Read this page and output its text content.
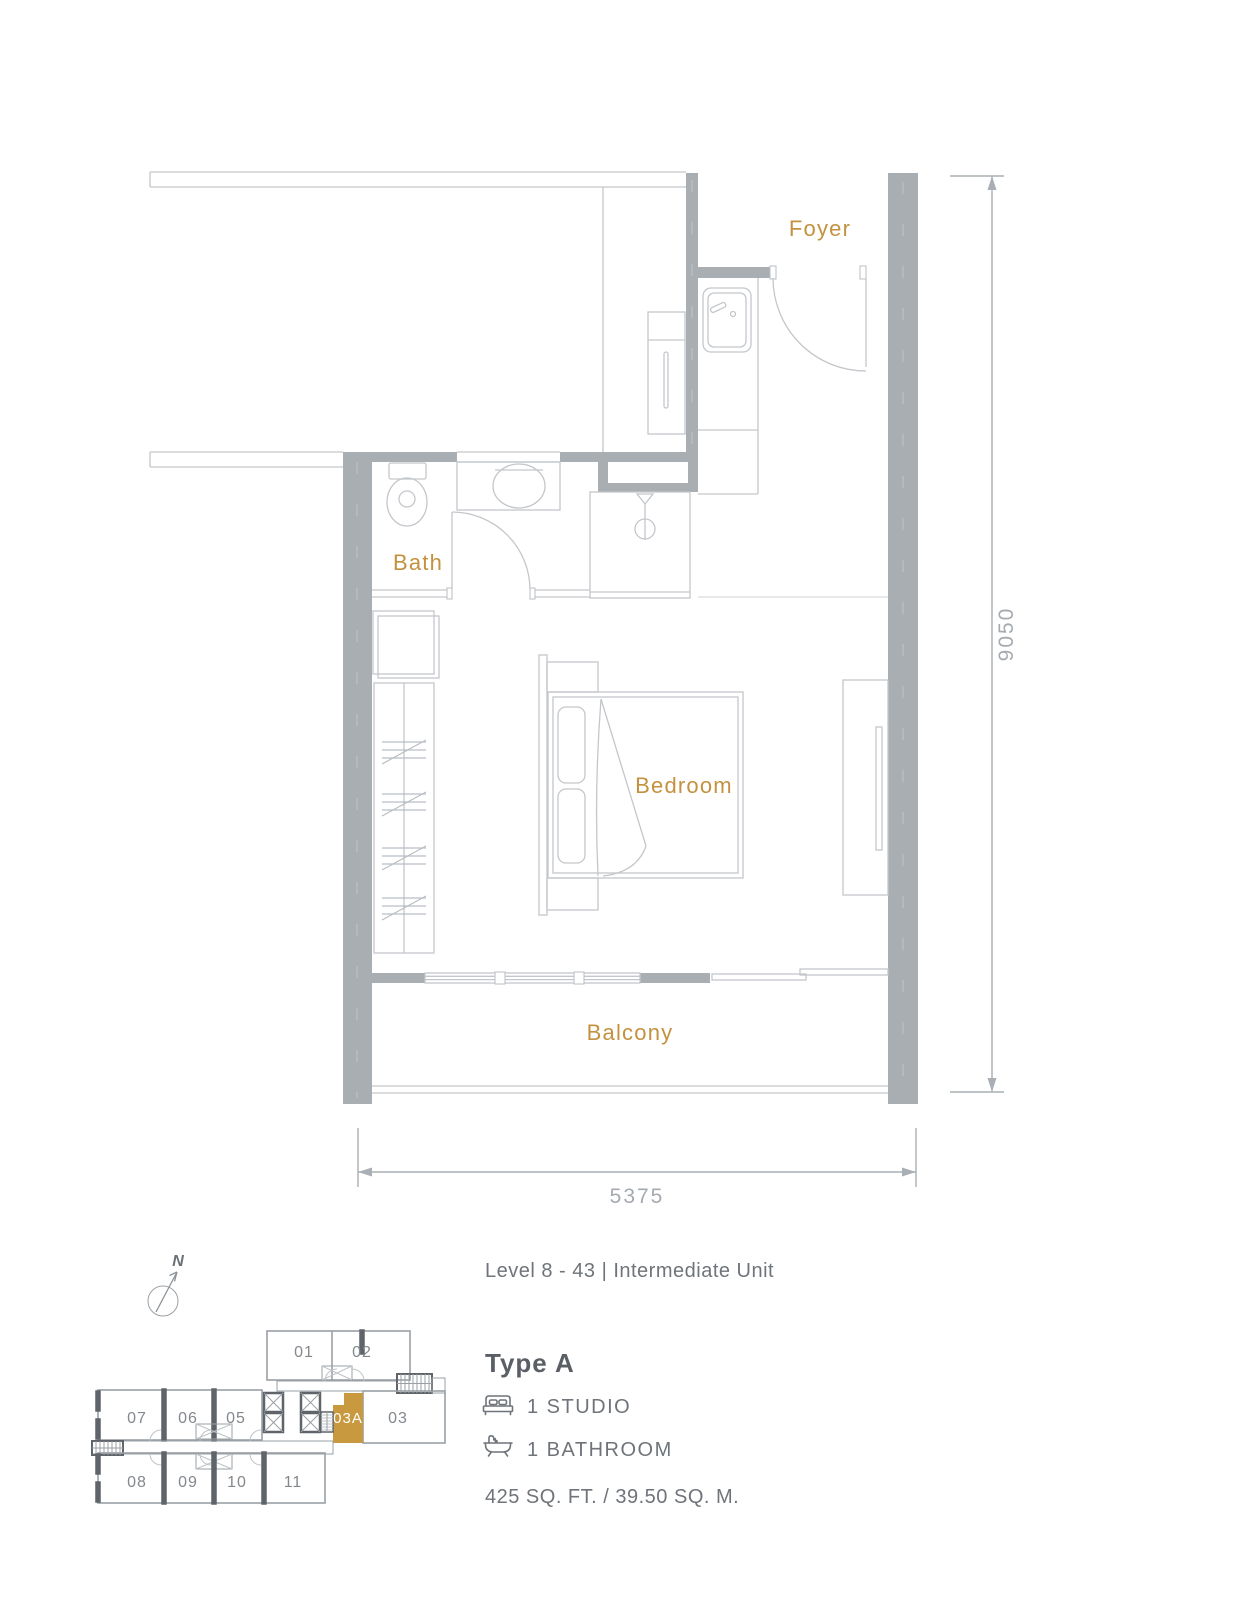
Bath
Bedroom
Foyer
Balcony
5375
9050
N
01 02
03
03A
07 06 05
08 09 10 11
Level 8 - 43 | Intermediate Unit
Type A
1 STUDIO
1 BATHROOM
425 SQ. FT. / 39.50 SQ. M.
